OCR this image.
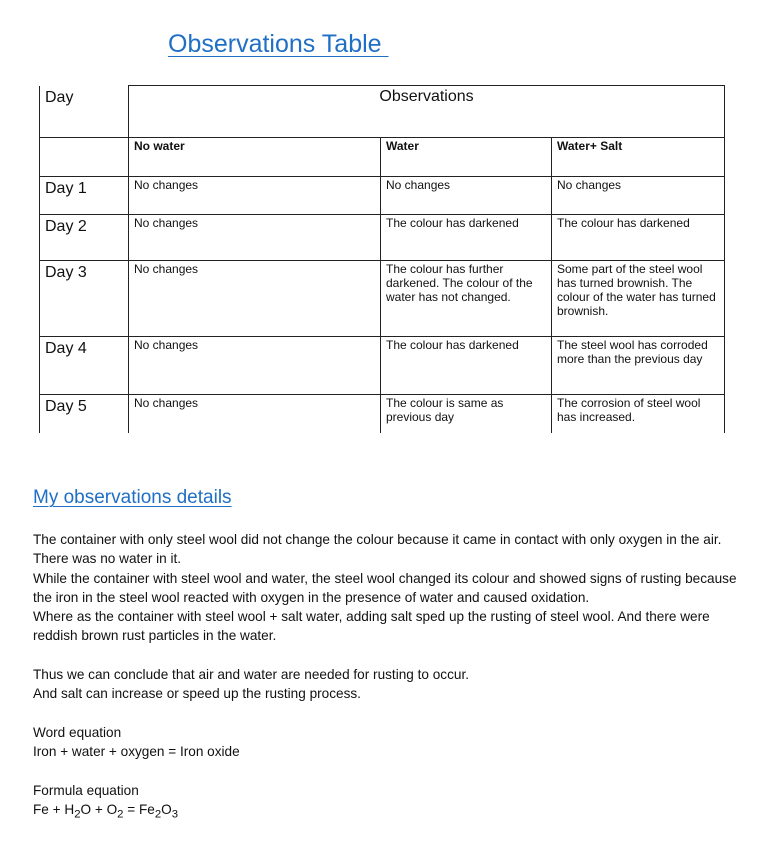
Observations Table
Day	Observations		

	No water	Water	Water+ Salt

Day 1	No changes	No changes	No changes

Day 2	No changes	The colour has darkened	The colour has darkened

Day 3	No changes	The colour has further darkened. The colour of the water has not changed.	Some part of the steel wool has turned brownish. The colour of the water has turned brownish.

Day 4	No changes	The colour has darkened	The steel wool has corroded more than the previous day

Day 5	No changes	The colour is same as previous day	The corrosion of steel wool has increased.
My observations details

The container with only steel wool did not change the colour because it came in contact with only oxygen in the air. There was no water in it.

While the container with steel wool and water, the steel wool changed its colour and showed signs of rusting because the iron in the steel wool reacted with oxygen in the presence of water and caused oxidation.

Where as the container with steel wool + salt water, adding salt sped up the rusting of steel wool. And there were reddish brown rust particles in the water.

Thus we can conclude that air and water are needed for rusting to occur.

And salt can increase or speed up the rusting process.

Word equation

Iron + water + oxygen = Iron oxide

Formula equation

$Fe + H_2O + O_2 = Fe_2O_3$
